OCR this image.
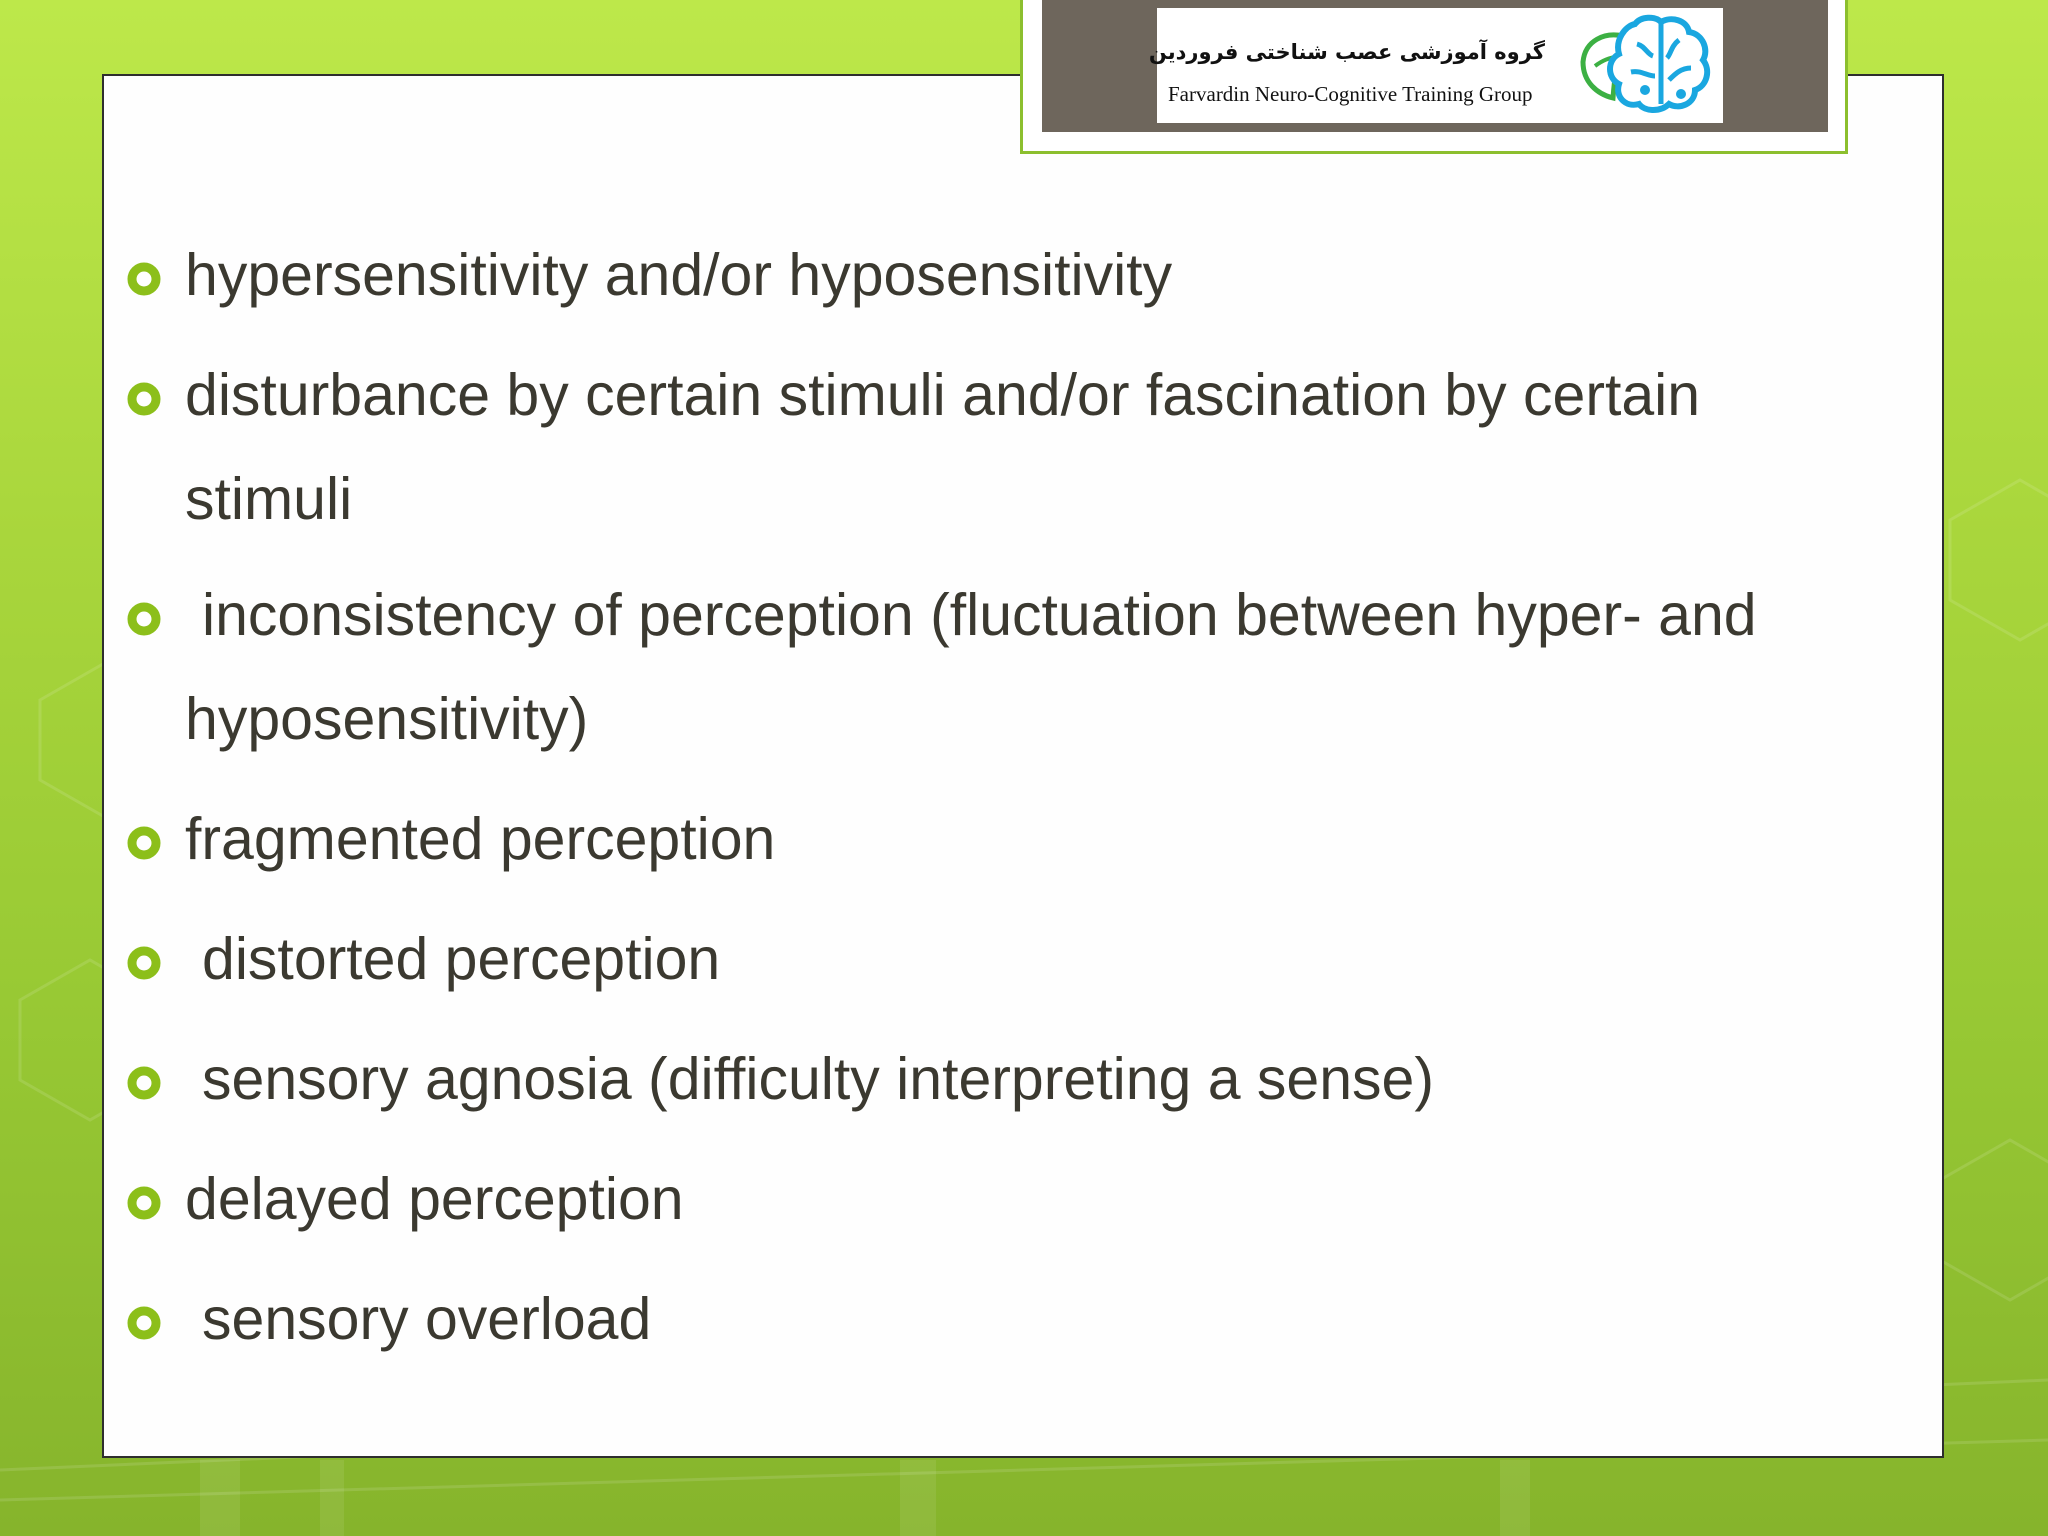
hypersensitivity and/or hyposensitivity
disturbance by certain stimuli and/or fascination by certain
stimuli
inconsistency of perception (fluctuation between hyper- and
hyposensitivity)
fragmented perception
distorted perception
sensory agnosia (difficulty interpreting a sense)
delayed perception
sensory overload
گروه آموزشی عصب شناختی فروردین
Farvardin Neuro-Cognitive Training Group
